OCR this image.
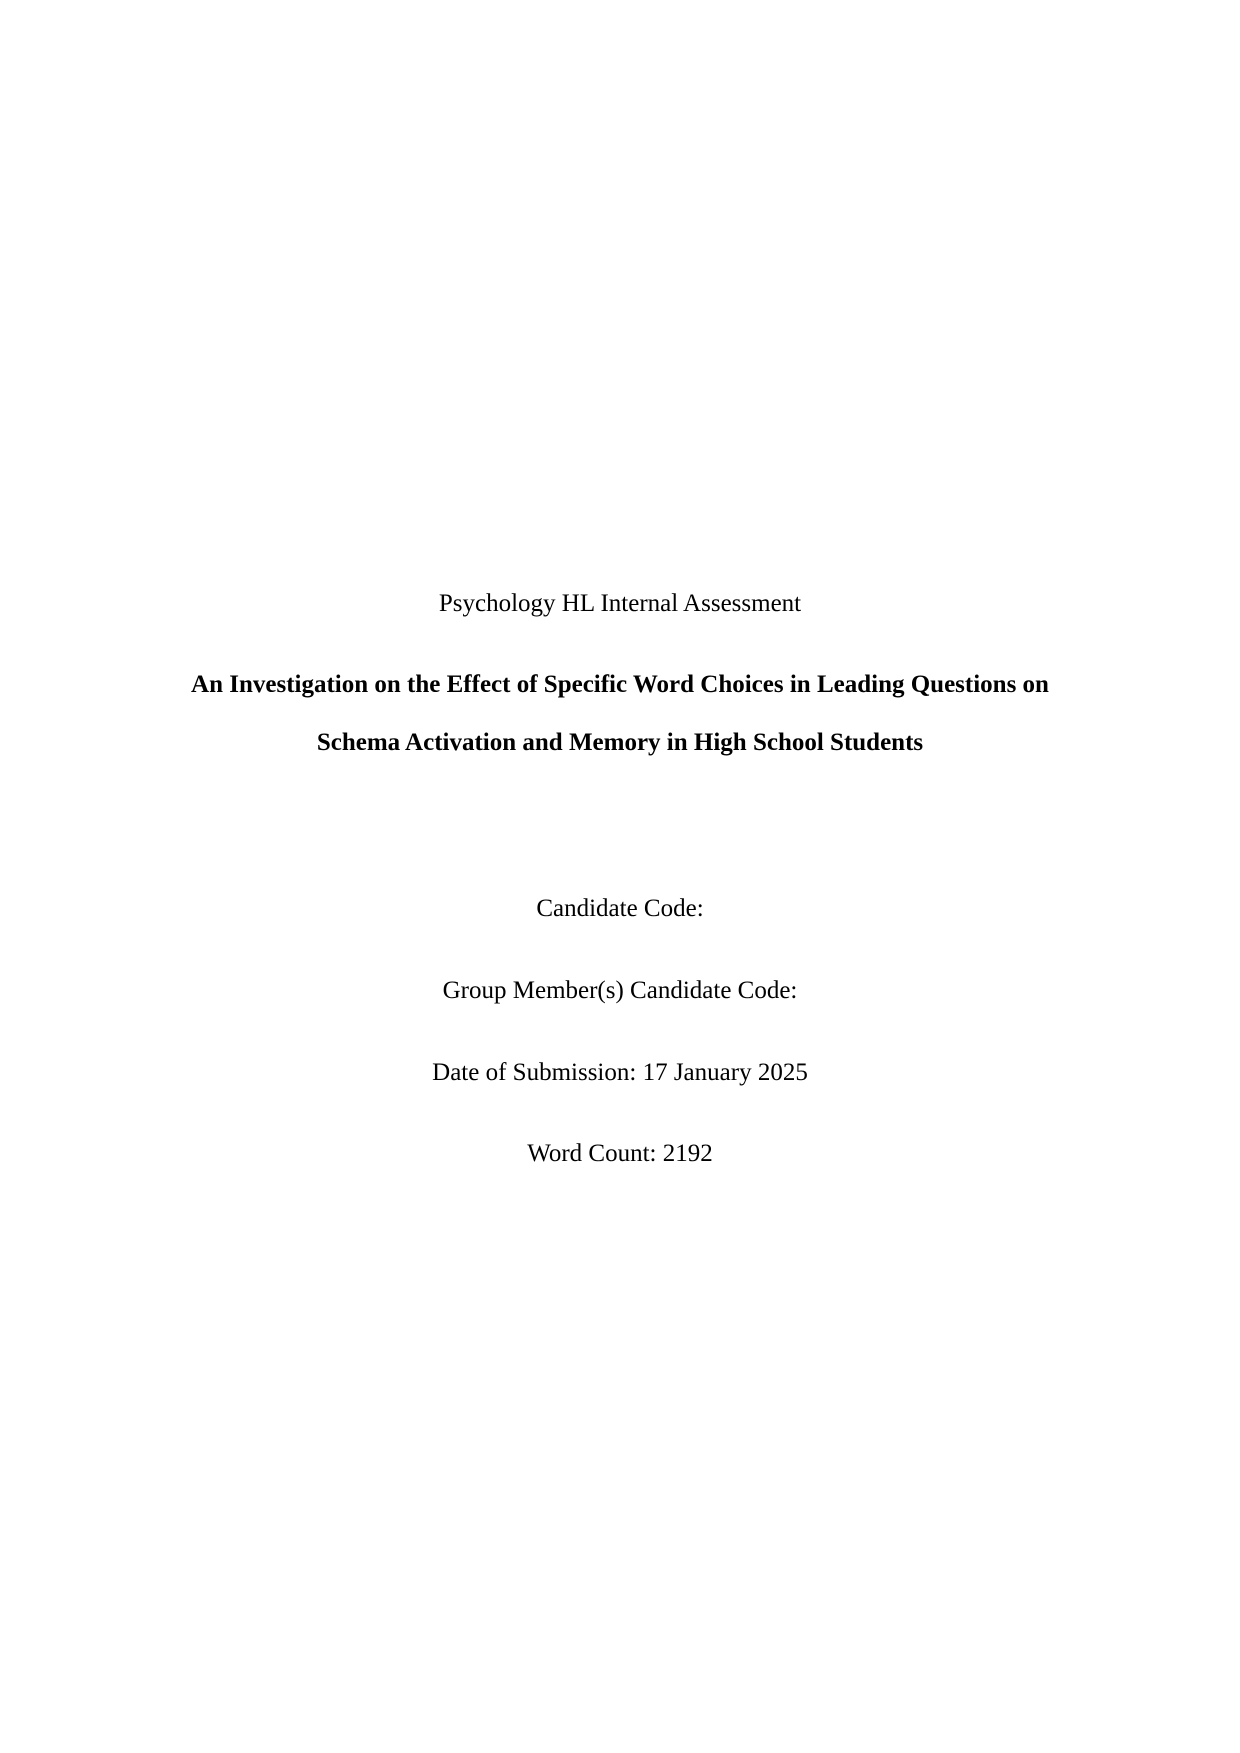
Psychology HL Internal Assessment
An Investigation on the Effect of Specific Word Choices in Leading Questions on
Schema Activation and Memory in High School Students
Candidate Code:
Group Member(s) Candidate Code:
Date of Submission: 17 January 2025
Word Count: 2192
